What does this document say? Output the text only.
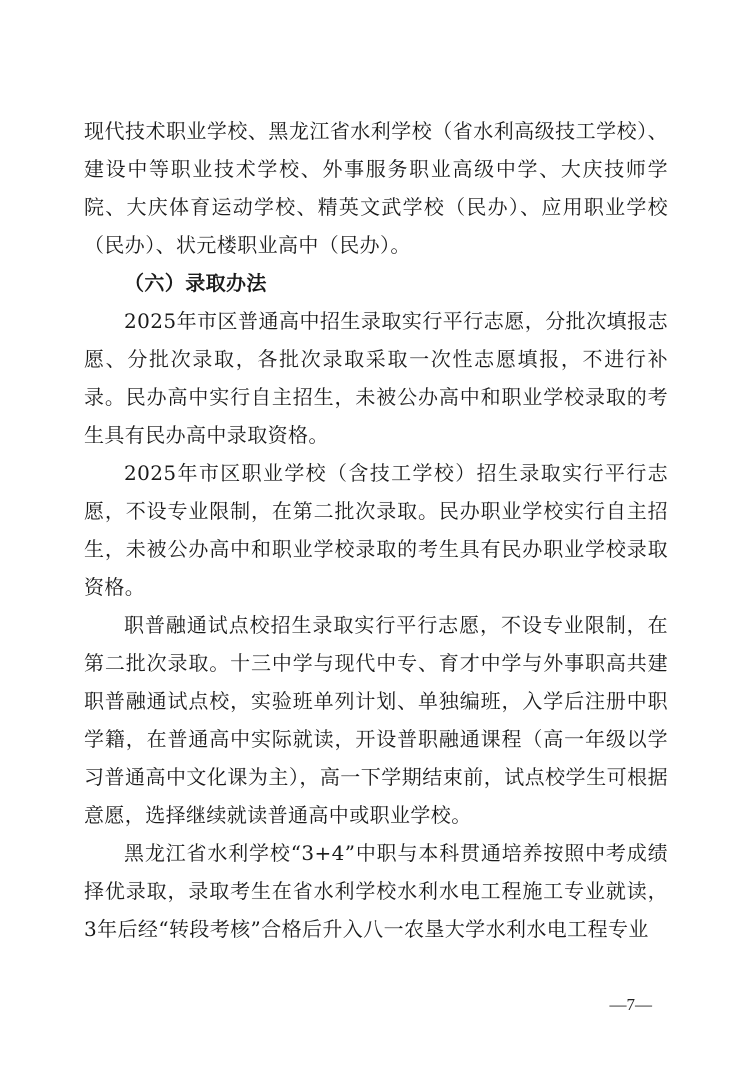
现代技术职业学校、黑龙江省水利学校（省水利高级技工学校）、建设中等职业技术学校、外事服务职业高级中学、大庆技师学院、大庆体育运动学校、精英文武学校（民办）、应用职业学校（民办）、状元楼职业高中（民办）。

（六）录取办法

2025年市区普通高中招生录取实行平行志愿，分批次填报志愿、分批次录取，各批次录取采取一次性志愿填报，不进行补录。民办高中实行自主招生，未被公办高中和职业学校录取的考生具有民办高中录取资格。

2025年市区职业学校（含技工学校）招生录取实行平行志愿，不设专业限制，在第二批次录取。民办职业学校实行自主招生，未被公办高中和职业学校录取的考生具有民办职业学校录取资格。

职普融通试点校招生录取实行平行志愿，不设专业限制，在第二批次录取。十三中学与现代中专、育才中学与外事职高共建职普融通试点校，实验班单列计划、单独编班，入学后注册中职学籍，在普通高中实际就读，开设普职融通课程（高一年级以学习普通高中文化课为主），高一下学期结束前，试点校学生可根据意愿，选择继续就读普通高中或职业学校。

黑龙江省水利学校“3+4”中职与本科贯通培养按照中考成绩择优录取，录取考生在省水利学校水利水电工程施工专业就读，3年后经“转段考核”合格后升入八一农垦大学水利水电工程专业

—7—
